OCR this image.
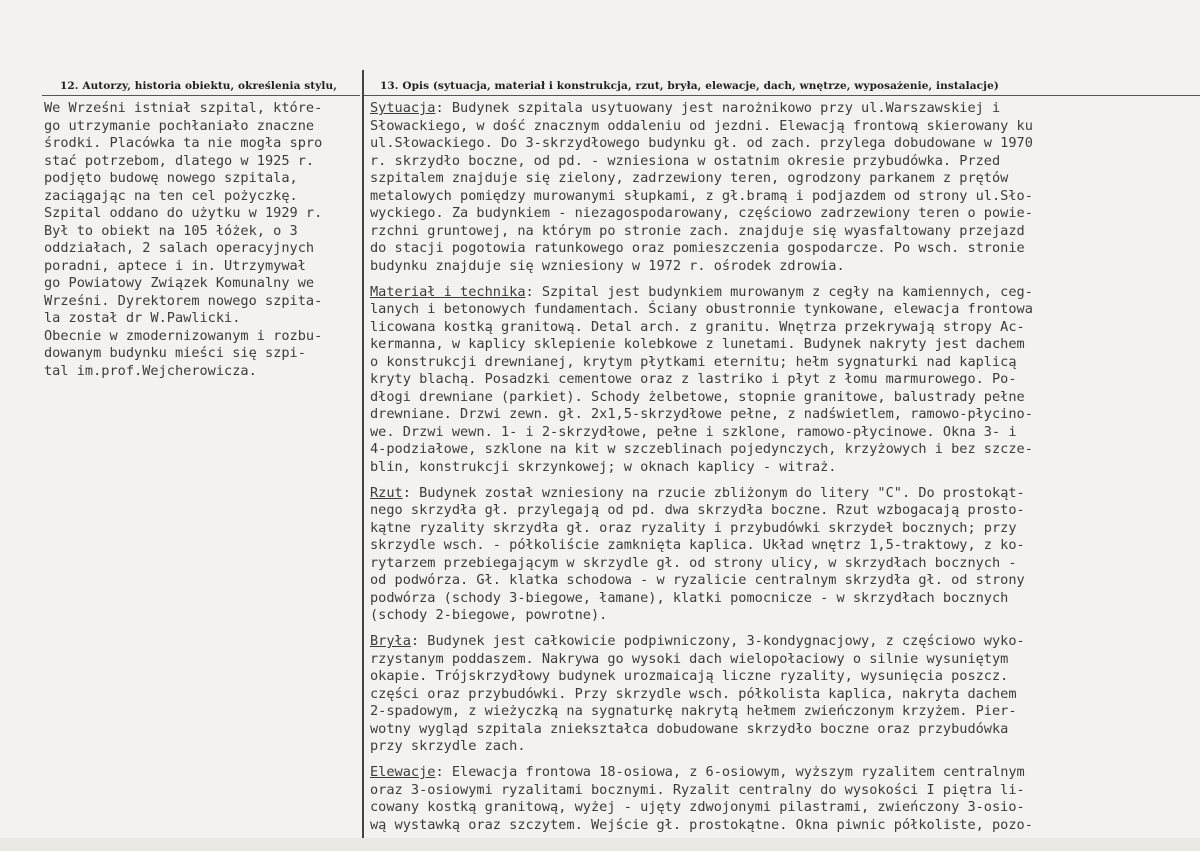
12. Autorzy, historia obiektu, określenia stylu,	13. Opis (sytuacja, materiał i konstrukcja, rzut, bryła, elewacje, dach, wnętrze, wyposażenie, instalacje)
We Wrześni istniał szpital, które-
go utrzymanie pochłaniało znaczne
środki. Placówka ta nie mogła spro
stać potrzebom, dlatego w 1925 r.
podjęto budowę nowego szpitala,
zaciągając na ten cel pożyczkę.
Szpital oddano do użytku w 1929 r.
Był to obiekt na 105 łóżek, o 3
oddziałach, 2 salach operacyjnych
poradni, aptece i in. Utrzymywał
go Powiatowy Związek Komunalny we
Wrześni. Dyrektorem nowego szpita-
la został dr W.Pawlicki.
Obecnie w zmodernizowanym i rozbu-
dowanym budynku mieści się szpi-
tal im.prof.Wejcherowicza.
Sytuacja: Budynek szpitala usytuowany jest narożnikowo przy ul.Warszawskiej i
Słowackiego, w dość znacznym oddaleniu od jezdni. Elewacją frontową skierowany ku
ul.Słowackiego. Do 3-skrzydłowego budynku gł. od zach. przylega dobudowane w 1970
r. skrzydło boczne, od pd. - wzniesiona w ostatnim okresie przybudówka. Przed
szpitalem znajduje się zielony, zadrzewiony teren, ogrodzony parkanem z prętów
metalowych pomiędzy murowanymi słupkami, z gł.bramą i podjazdem od strony ul.Sło-
wyckiego. Za budynkiem - niezagospodarowany, częściowo zadrzewiony teren o powie-
rzchni gruntowej, na którym po stronie zach. znajduje się wyasfaltowany przejazd
do stacji pogotowia ratunkowego oraz pomieszczenia gospodarcze. Po wsch. stronie
budynku znajduje się wzniesiony w 1972 r. ośrodek zdrowia.
Materiał i technika: Szpital jest budynkiem murowanym z cegły na kamiennych, ceg-
lanych i betonowych fundamentach. Ściany obustronnie tynkowane, elewacja frontowa
licowana kostką granitową. Detal arch. z granitu. Wnętrza przekrywają stropy Ac-
kermanna, w kaplicy sklepienie kolebkowe z lunetami. Budynek nakryty jest dachem
o konstrukcji drewnianej, krytym płytkami eternitu; hełm sygnaturki nad kaplicą
kryty blachą. Posadzki cementowe oraz z lastriko i płyt z łomu marmurowego. Po-
dłogi drewniane (parkiet). Schody żelbetowe, stopnie granitowe, balustrady pełne
drewniane. Drzwi zewn. gł. 2x1,5-skrzydłowe pełne, z nadświetlem, ramowo-płycino-
we. Drzwi wewn. 1- i 2-skrzydłowe, pełne i szklone, ramowo-płycinowe. Okna 3- i
4-podziałowe, szklone na kit w szczeblinach pojedynczych, krzyżowych i bez szcze-
blin, konstrukcji skrzynkowej; w oknach kaplicy - witraż.
Rzut: Budynek został wzniesiony na rzucie zbliżonym do litery "C". Do prostokąt-
nego skrzydła gł. przylegają od pd. dwa skrzydła boczne. Rzut wzbogacają prosto-
kątne ryzality skrzydła gł. oraz ryzality i przybudówki skrzydeł bocznych; przy
skrzydle wsch. - półkoliście zamknięta kaplica. Układ wnętrz 1,5-traktowy, z ko-
rytarzem przebiegającym w skrzydle gł. od strony ulicy, w skrzydłach bocznych -
od podwórza. Gł. klatka schodowa - w ryzalicie centralnym skrzydła gł. od strony
podwórza (schody 3-biegowe, łamane), klatki pomocnicze - w skrzydłach bocznych
(schody 2-biegowe, powrotne).
Bryła: Budynek jest całkowicie podpiwniczony, 3-kondygnacjowy, z częściowo wyko-
rzystanym poddaszem. Nakrywa go wysoki dach wielopołaciowy o silnie wysuniętym
okapie. Trójskrzydłowy budynek urozmaicają liczne ryzality, wysunięcia poszcz.
części oraz przybudówki. Przy skrzydle wsch. półkolista kaplica, nakryta dachem
2-spadowym, z wieżyczką na sygnaturkę nakrytą hełmem zwieńczonym krzyżem. Pier-
wotny wygląd szpitala zniekształca dobudowane skrzydło boczne oraz przybudówka
przy skrzydle zach.
Elewacje: Elewacja frontowa 18-osiowa, z 6-osiowym, wyższym ryzalitem centralnym
oraz 3-osiowymi ryzalitami bocznymi. Ryzalit centralny do wysokości I piętra li-
cowany kostką granitową, wyżej - ujęty zdwojonymi pilastrami, zwieńczony 3-osio-
wą wystawką oraz szczytem. Wejście gł. prostokątne. Okna piwnic półkoliste, pozo-
